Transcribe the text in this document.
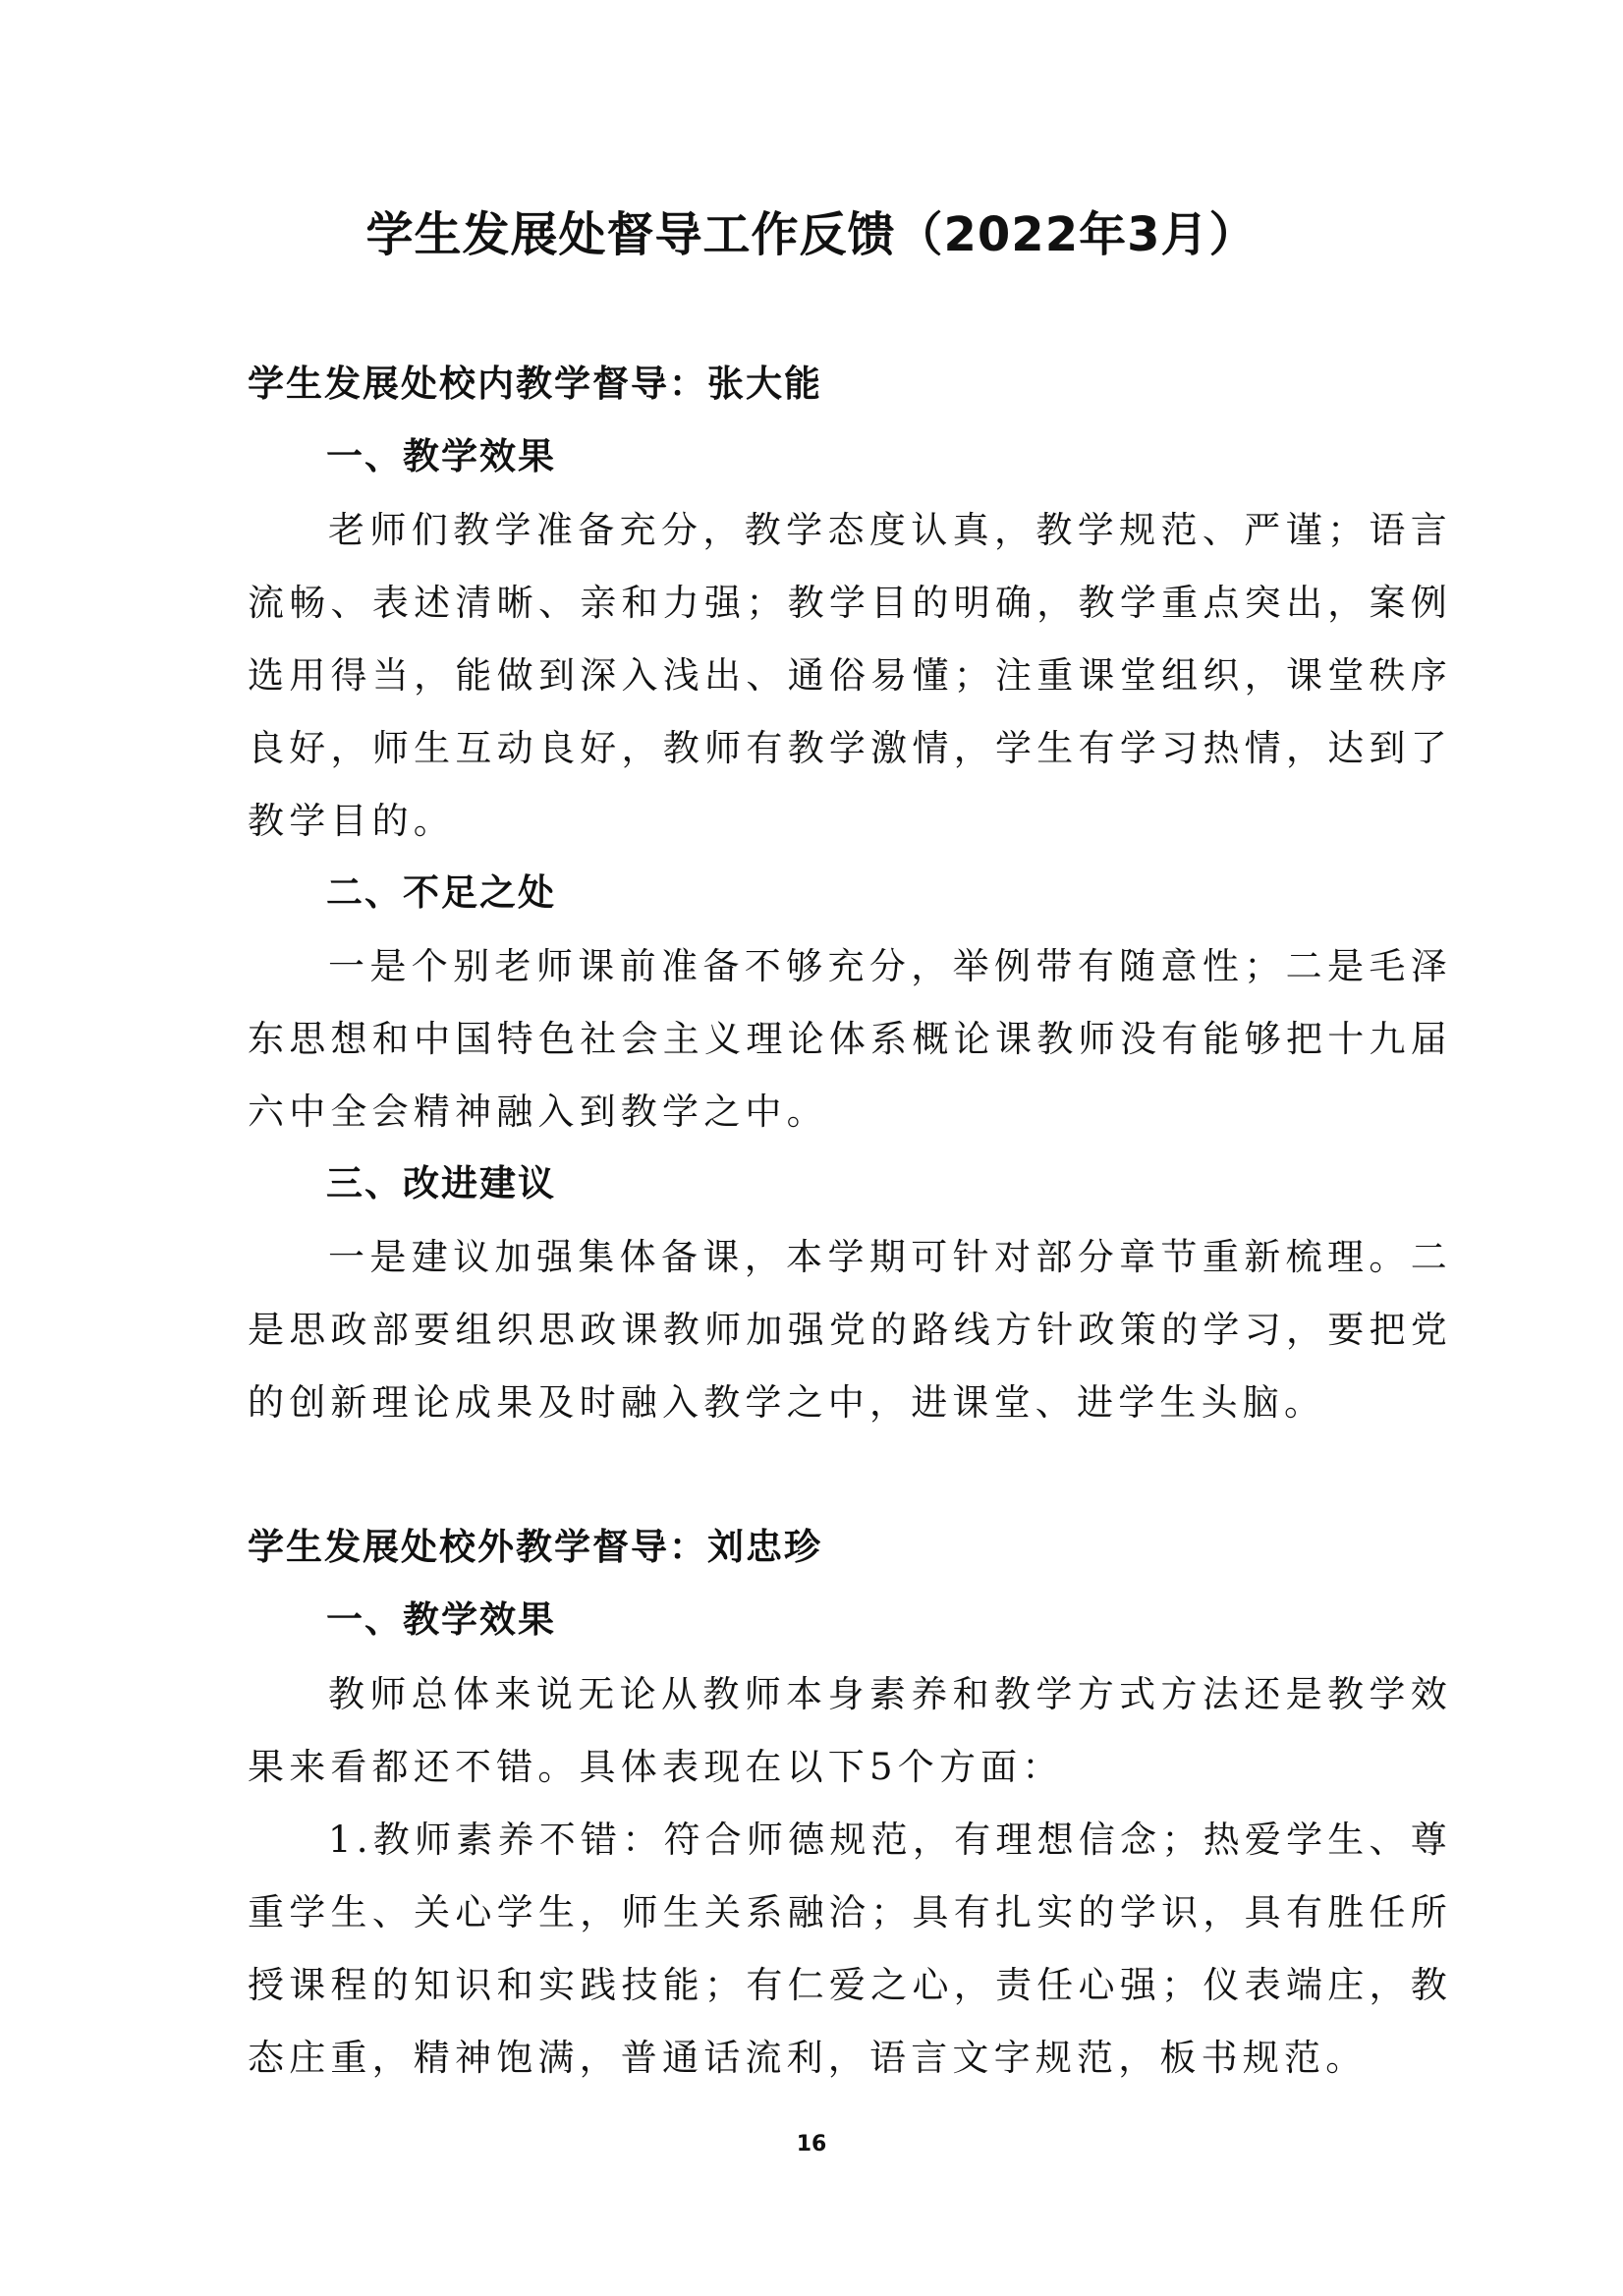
学生发展处督导工作反馈（2022年3月）
学生发展处校内教学督导：张大能
一、教学效果

老师们教学准备充分，教学态度认真，教学规范、严谨；语言流畅、表述清晰、亲和力强；教学目的明确，教学重点突出，案例选用得当，能做到深入浅出、通俗易懂；注重课堂组织，课堂秩序良好，师生互动良好，教师有教学激情，学生有学习热情，达到了教学目的。

二、不足之处

一是个别老师课前准备不够充分，举例带有随意性；二是毛泽东思想和中国特色社会主义理论体系概论课教师没有能够把十九届六中全会精神融入到教学之中。

三、改进建议

一是建议加强集体备课，本学期可针对部分章节重新梳理。二是思政部要组织思政课教师加强党的路线方针政策的学习，要把党的创新理论成果及时融入教学之中，进课堂、进学生头脑。

学生发展处校外教学督导：刘忠珍
一、教学效果

教师总体来说无论从教师本身素养和教学方式方法还是教学效果来看都还不错。具体表现在以下5个方面：

1.教师素养不错：符合师德规范，有理想信念；热爱学生、尊重学生、关心学生，师生关系融洽；具有扎实的学识，具有胜任所授课程的知识和实践技能；有仁爱之心，责任心强；仪表端庄，教态庄重，精神饱满，普通话流利，语言文字规范，板书规范。

16
